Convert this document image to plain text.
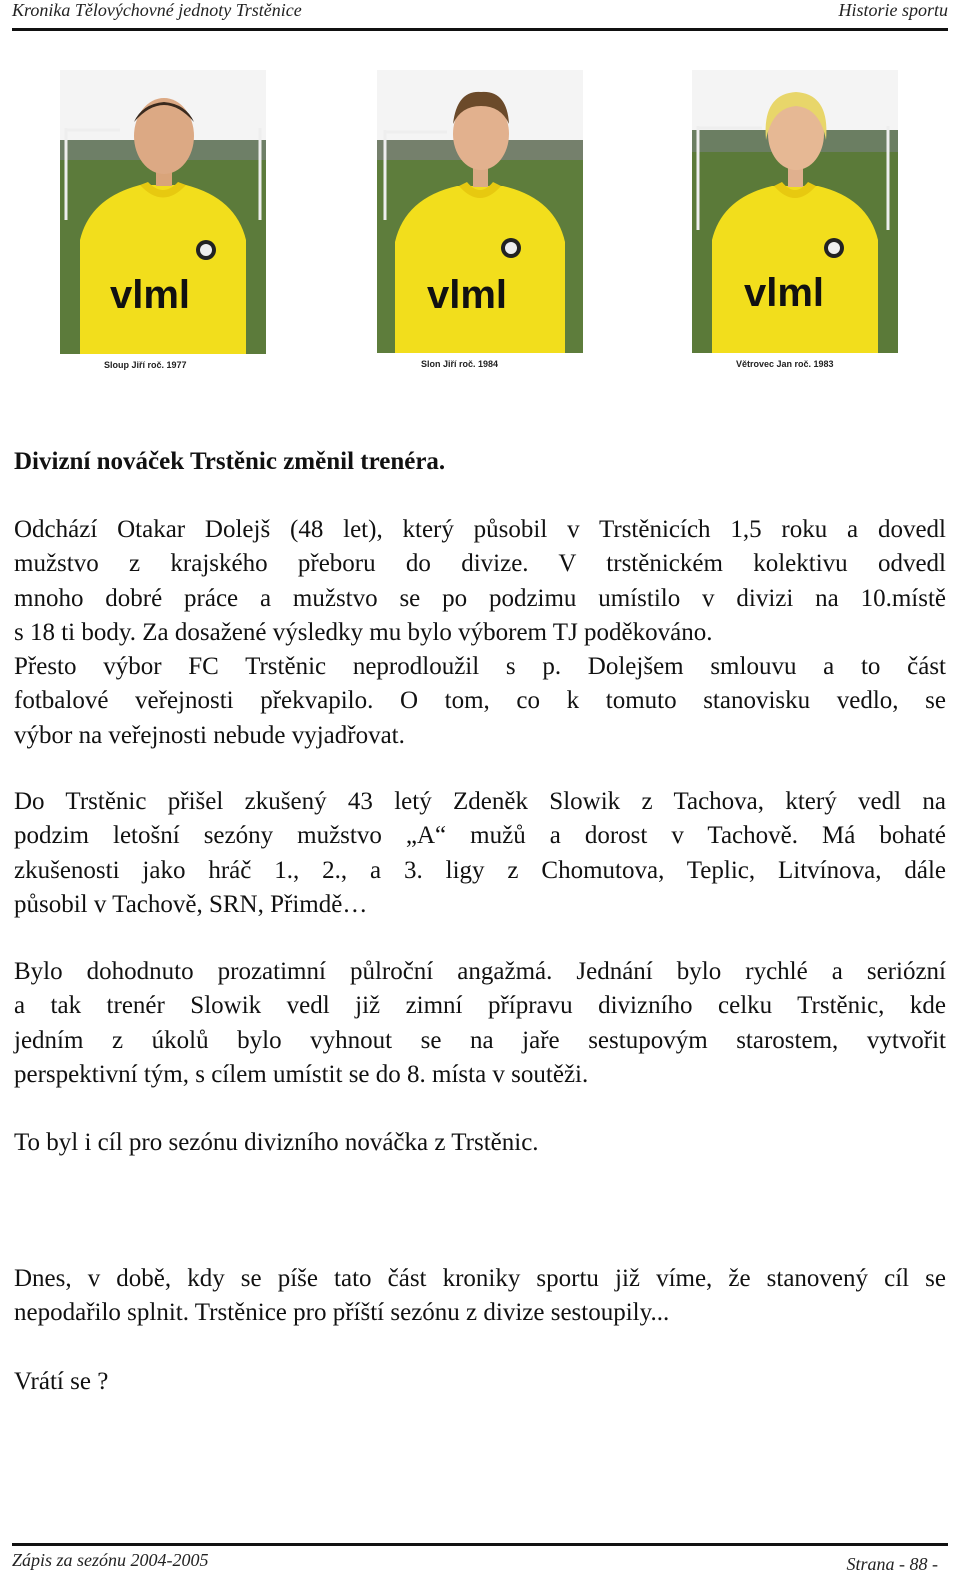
Kronika Tělovýchovné jednoty Trstěnice	Historie sportu
vlml
Sloup Jiří roč. 1977
vlml
Slon Jiří roč. 1984
vlml
Větrovec Jan roč. 1983
Divizní nováček Trstěnic změnil trenéra.
Odchází Otakar Dolejš (48 let), který působil v Trstěnicích 1,5 roku a dovedl
mužstvo z krajského přeboru do divize. V trstěnickém kolektivu odvedl
mnoho dobré práce a mužstvo se po podzimu umístilo v divizi na 10.místě
s 18 ti body. Za dosažené výsledky mu bylo výborem TJ poděkováno.
Přesto výbor FC Trstěnic neprodloužil s p. Dolejšem smlouvu a to část
fotbalové veřejnosti překvapilo. O tom, co k tomuto stanovisku vedlo, se
výbor na veřejnosti nebude vyjadřovat.
Do Trstěnic přišel zkušený 43 letý Zdeněk Slowik z Tachova, který vedl na
podzim letošní sezóny mužstvo „A“ mužů a dorost v Tachově. Má bohaté
zkušenosti jako hráč 1., 2., a 3. ligy z Chomutova, Teplic, Litvínova, dále
působil v Tachově, SRN, Přimdě…
Bylo dohodnuto prozatimní půlroční angažmá. Jednání bylo rychlé a seriózní
a tak trenér Slowik vedl již zimní přípravu divizního celku Trstěnic, kde
jedním z úkolů bylo vyhnout se na jaře sestupovým starostem, vytvořit
perspektivní tým, s cílem umístit se do 8. místa v soutěži.
To byl i cíl pro sezónu divizního nováčka z Trstěnic.
Dnes, v době, kdy se píše tato část kroniky sportu již víme, že stanovený cíl se
nepodařilo splnit. Trstěnice pro příští sezónu z divize sestoupily...
Vrátí se ?
Zápis za sezónu 2004-2005	Strana - 88 -
